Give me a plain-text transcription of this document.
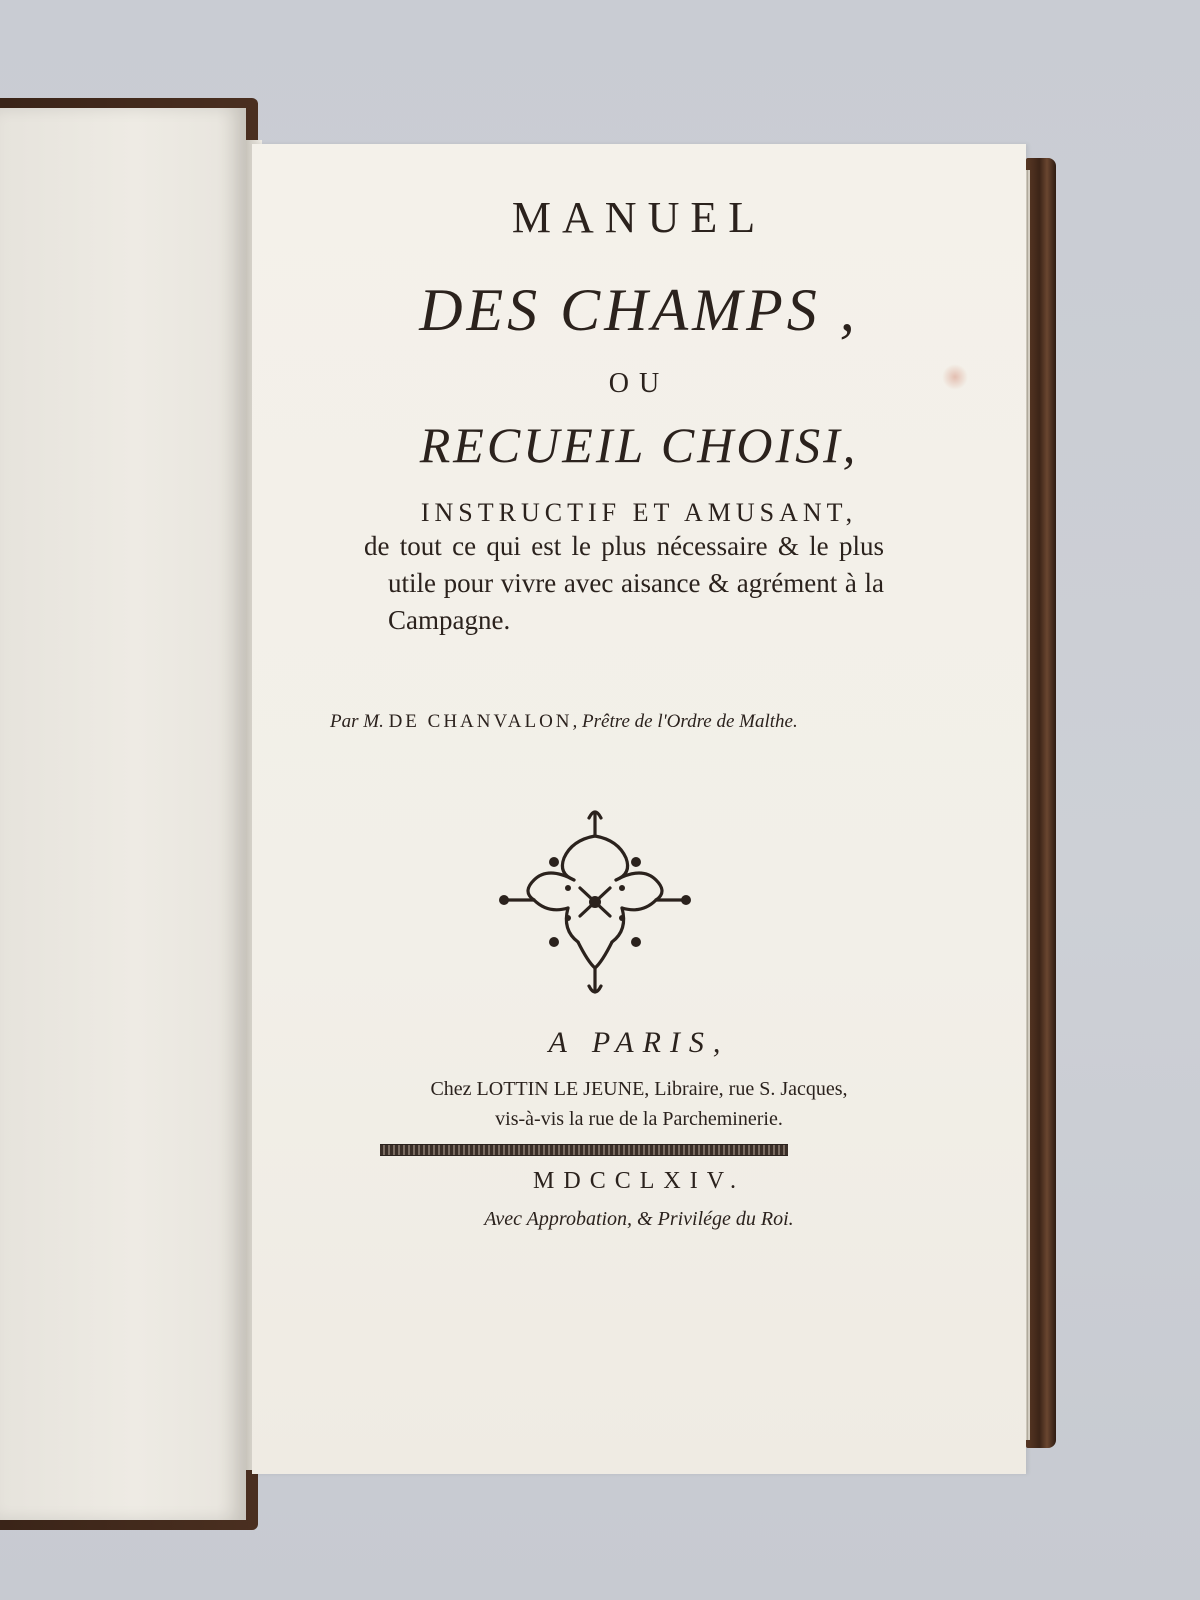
MANUEL
DES CHAMPS ,
OU
RECUEIL CHOISI,
INSTRUCTIF ET AMUSANT,
de tout ce qui est le plus nécessaire & le plus utile pour vivre avec aisance & agrément à la Campagne.
Par M. DE CHANVALON, Prêtre de l'Ordre de Malthe.
A PARIS,
Chez LOTTIN LE JEUNE, Libraire, rue S. Jacques,
vis-à-vis la rue de la Parcheminerie.
MDCCLXIV.
Avec Approbation, & Privilége du Roi.
